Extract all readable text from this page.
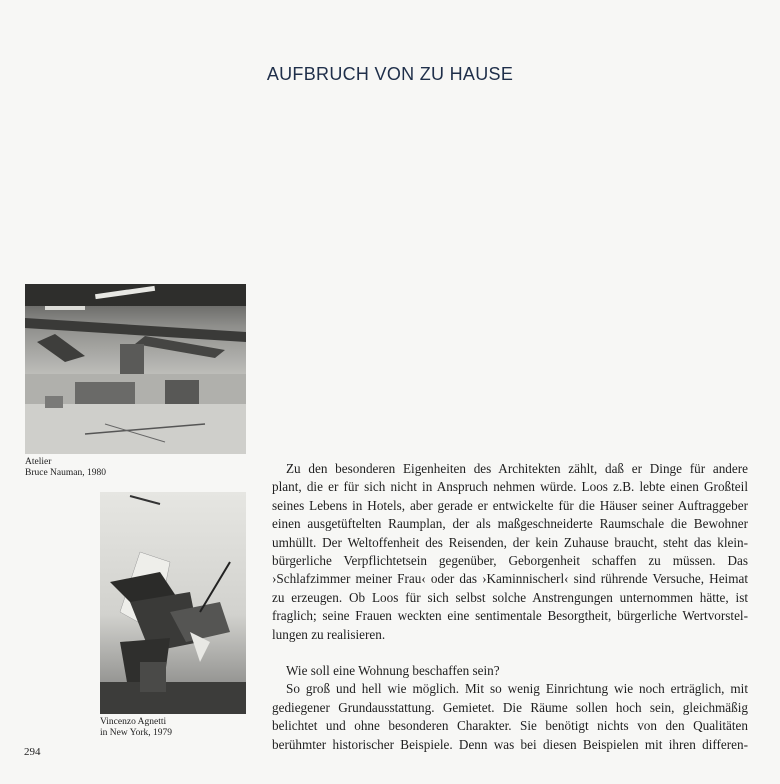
AUFBRUCH VON ZU HAUSE
Atelier
Bruce Nauman, 1980
Vincenzo Agnetti
in New York, 1979
Zu den besonderen Eigenheiten des Architekten zählt, daß er Dinge für andere
plant, die er für sich nicht in Anspruch nehmen würde. Loos z.B. lebte einen Großteil
seines Lebens in Hotels, aber gerade er entwickelte für die Häuser seiner Auftraggeber
einen ausgetüftelten Raumplan, der als maßgeschneiderte Raumschale die Bewohner
umhüllt. Der Weltoffenheit des Reisenden, der kein Zuhause braucht, steht das klein-
bürgerliche Verpflichtetsein gegenüber, Geborgenheit schaffen zu müssen. Das
›Schlafzimmer meiner Frau‹ oder das ›Kaminnischerl‹ sind rührende Versuche, Heimat
zu erzeugen. Ob Loos für sich selbst solche Anstrengungen unternommen hätte, ist
fraglich; seine Frauen weckten eine sentimentale Besorgtheit, bürgerliche Wertvorstel-
lungen zu realisieren.
Wie soll eine Wohnung beschaffen sein?
So groß und hell wie möglich. Mit so wenig Einrichtung wie noch erträglich, mit
gediegener Grundausstattung. Gemietet. Die Räume sollen hoch sein, gleichmäßig
belichtet und ohne besonderen Charakter. Sie benötigt nichts von den Qualitäten
berühmter historischer Beispiele. Denn was bei diesen Beispielen mit ihren differen-
294
